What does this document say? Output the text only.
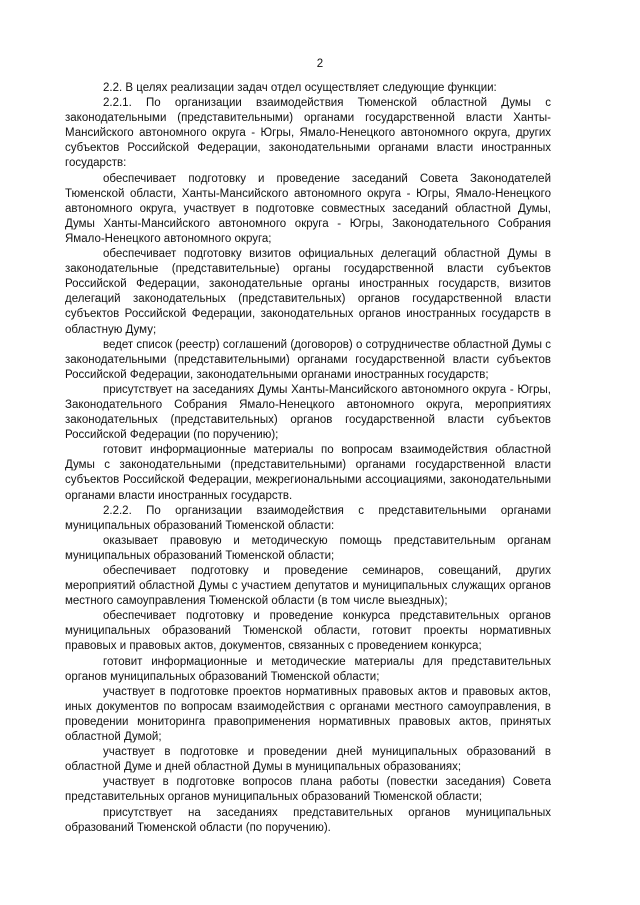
2

2.2. В целях реализации задач отдел осуществляет следующие функции:

2.2.1. По организации взаимодействия Тюменской областной Думы с законодательными (представительными) органами государственной власти Ханты-Мансийского автономного округа - Югры, Ямало-Ненецкого автономного округа, других субъектов Российской Федерации, законодательными органами власти иностранных государств:

обеспечивает подготовку и проведение заседаний Совета Законодателей Тюменской области, Ханты-Мансийского автономного округа - Югры, Ямало-Ненецкого автономного округа, участвует в подготовке совместных заседаний областной Думы, Думы Ханты-Мансийского автономного округа - Югры, Законодательного Собрания Ямало-Ненецкого автономного округа;

обеспечивает подготовку визитов официальных делегаций областной Думы в законодательные (представительные) органы государственной власти субъектов Российской Федерации, законодательные органы иностранных государств, визитов делегаций законодательных (представительных) органов государственной власти субъектов Российской Федерации, законодательных органов иностранных государств в областную Думу;

ведет список (реестр) соглашений (договоров) о сотрудничестве областной Думы с законодательными (представительными) органами государственной власти субъектов Российской Федерации, законодательными органами иностранных государств;

присутствует на заседаниях Думы Ханты-Мансийского автономного округа - Югры, Законодательного Собрания Ямало-Ненецкого автономного округа, мероприятиях законодательных (представительных) органов государственной власти субъектов Российской Федерации (по поручению);

готовит информационные материалы по вопросам взаимодействия областной Думы с законодательными (представительными) органами государственной власти субъектов Российской Федерации, межрегиональными ассоциациями, законодательными органами власти иностранных государств.

2.2.2. По организации взаимодействия с представительными органами муниципальных образований Тюменской области:

оказывает правовую и методическую помощь представительным органам муниципальных образований Тюменской области;

обеспечивает подготовку и проведение семинаров, совещаний, других мероприятий областной Думы с участием депутатов и муниципальных служащих органов местного самоуправления Тюменской области (в том числе выездных);

обеспечивает подготовку и проведение конкурса представительных органов муниципальных образований Тюменской области, готовит проекты нормативных правовых и правовых актов, документов, связанных с проведением конкурса;

готовит информационные и методические материалы для представительных органов муниципальных образований Тюменской области;

участвует в подготовке проектов нормативных правовых актов и правовых актов, иных документов по вопросам взаимодействия с органами местного самоуправления, в проведении мониторинга правоприменения нормативных правовых актов, принятых областной Думой;

участвует в подготовке и проведении дней муниципальных образований в областной Думе и дней областной Думы в муниципальных образованиях;

участвует в подготовке вопросов плана работы (повестки заседания) Совета представительных органов муниципальных образований Тюменской области;

присутствует на заседаниях представительных органов муниципальных образований Тюменской области (по поручению).
